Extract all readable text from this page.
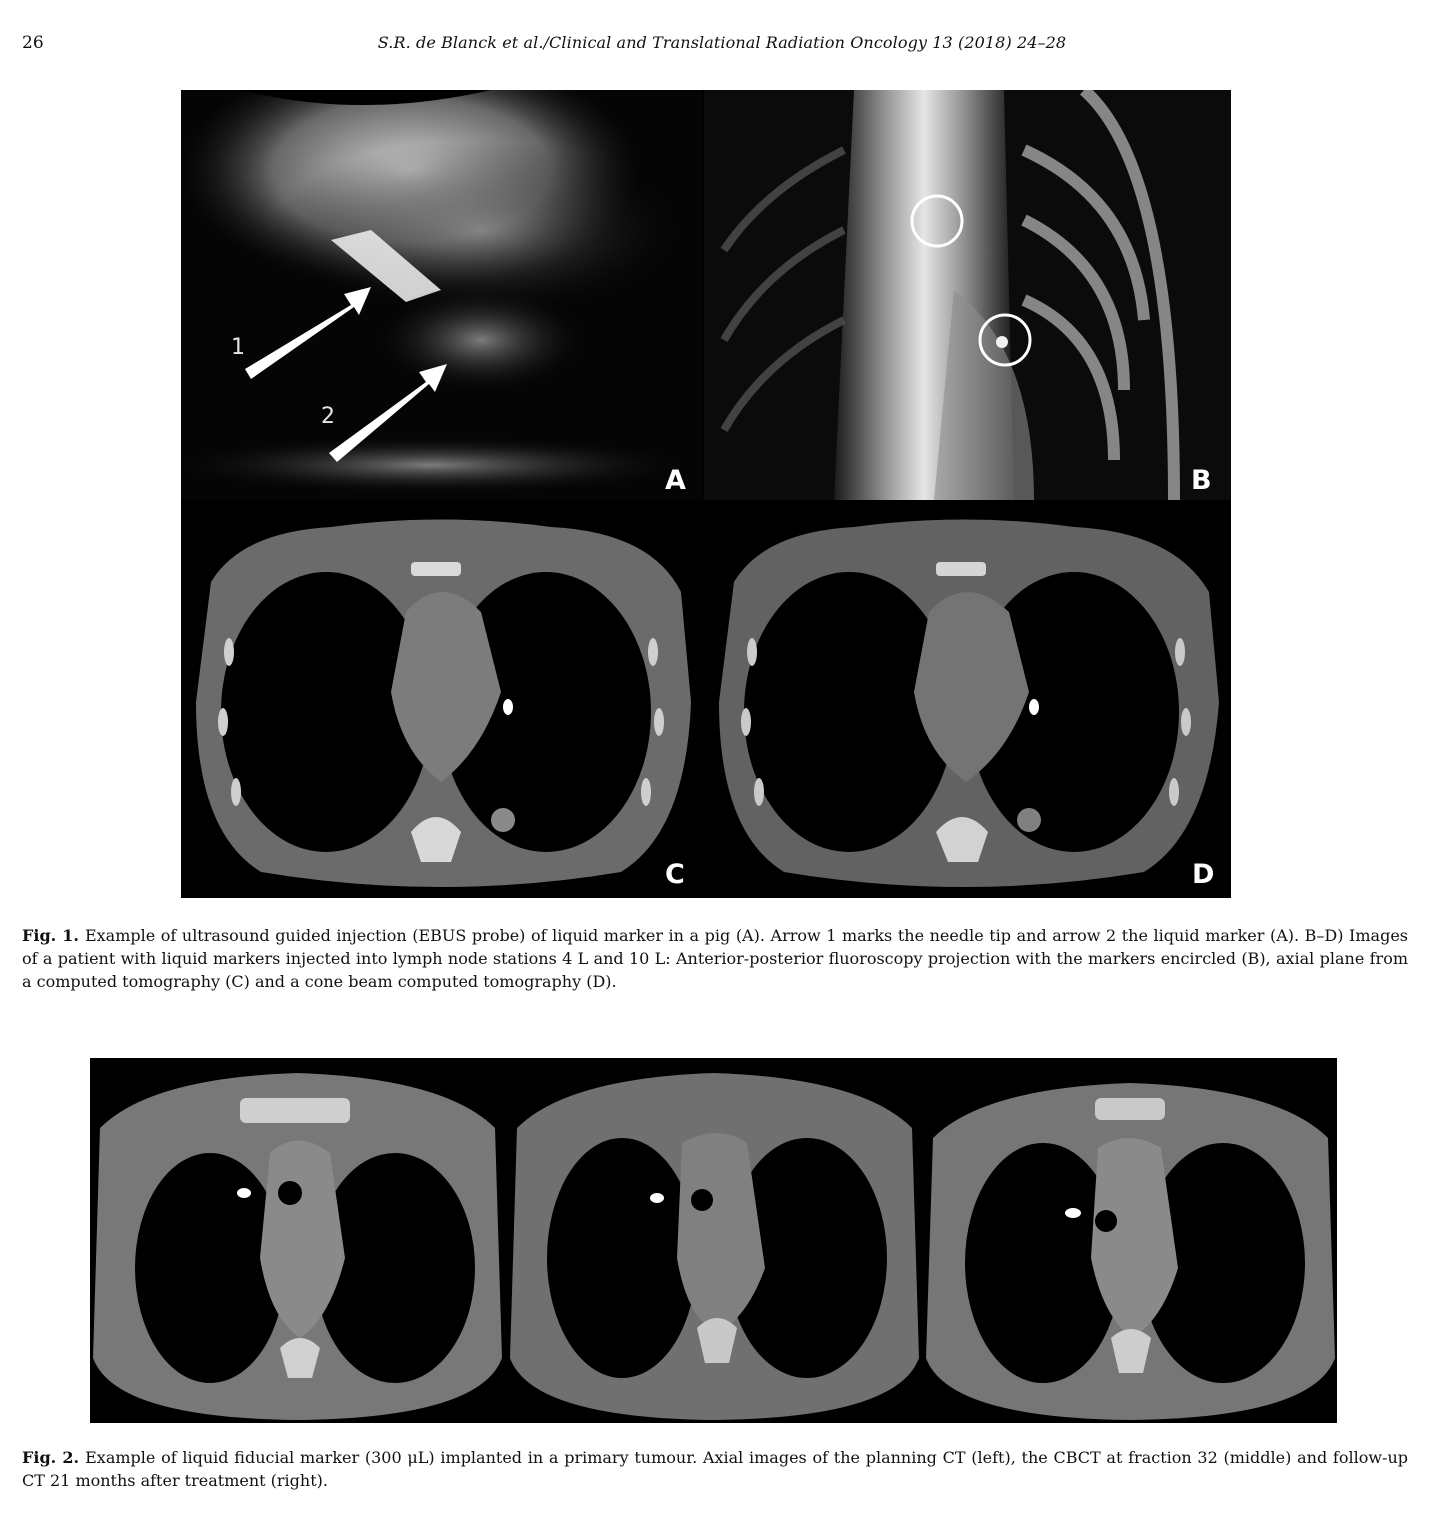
26	S.R. de Blanck et al./Clinical and Translational Radiation Oncology 13 (2018) 24–28
1
2
A	B
C	D
Fig. 1. Example of ultrasound guided injection (EBUS probe) of liquid marker in a pig (A). Arrow 1 marks the needle tip and arrow 2 the liquid marker (A). B–D) Images of a patient with liquid markers injected into lymph node stations 4 L and 10 L: Anterior-posterior fluoroscopy projection with the markers encircled (B), axial plane from a computed tomography (C) and a cone beam computed tomography (D).
Fig. 2. Example of liquid fiducial marker (300 μL) implanted in a primary tumour. Axial images of the planning CT (left), the CBCT at fraction 32 (middle) and follow-up CT 21 months after treatment (right).
